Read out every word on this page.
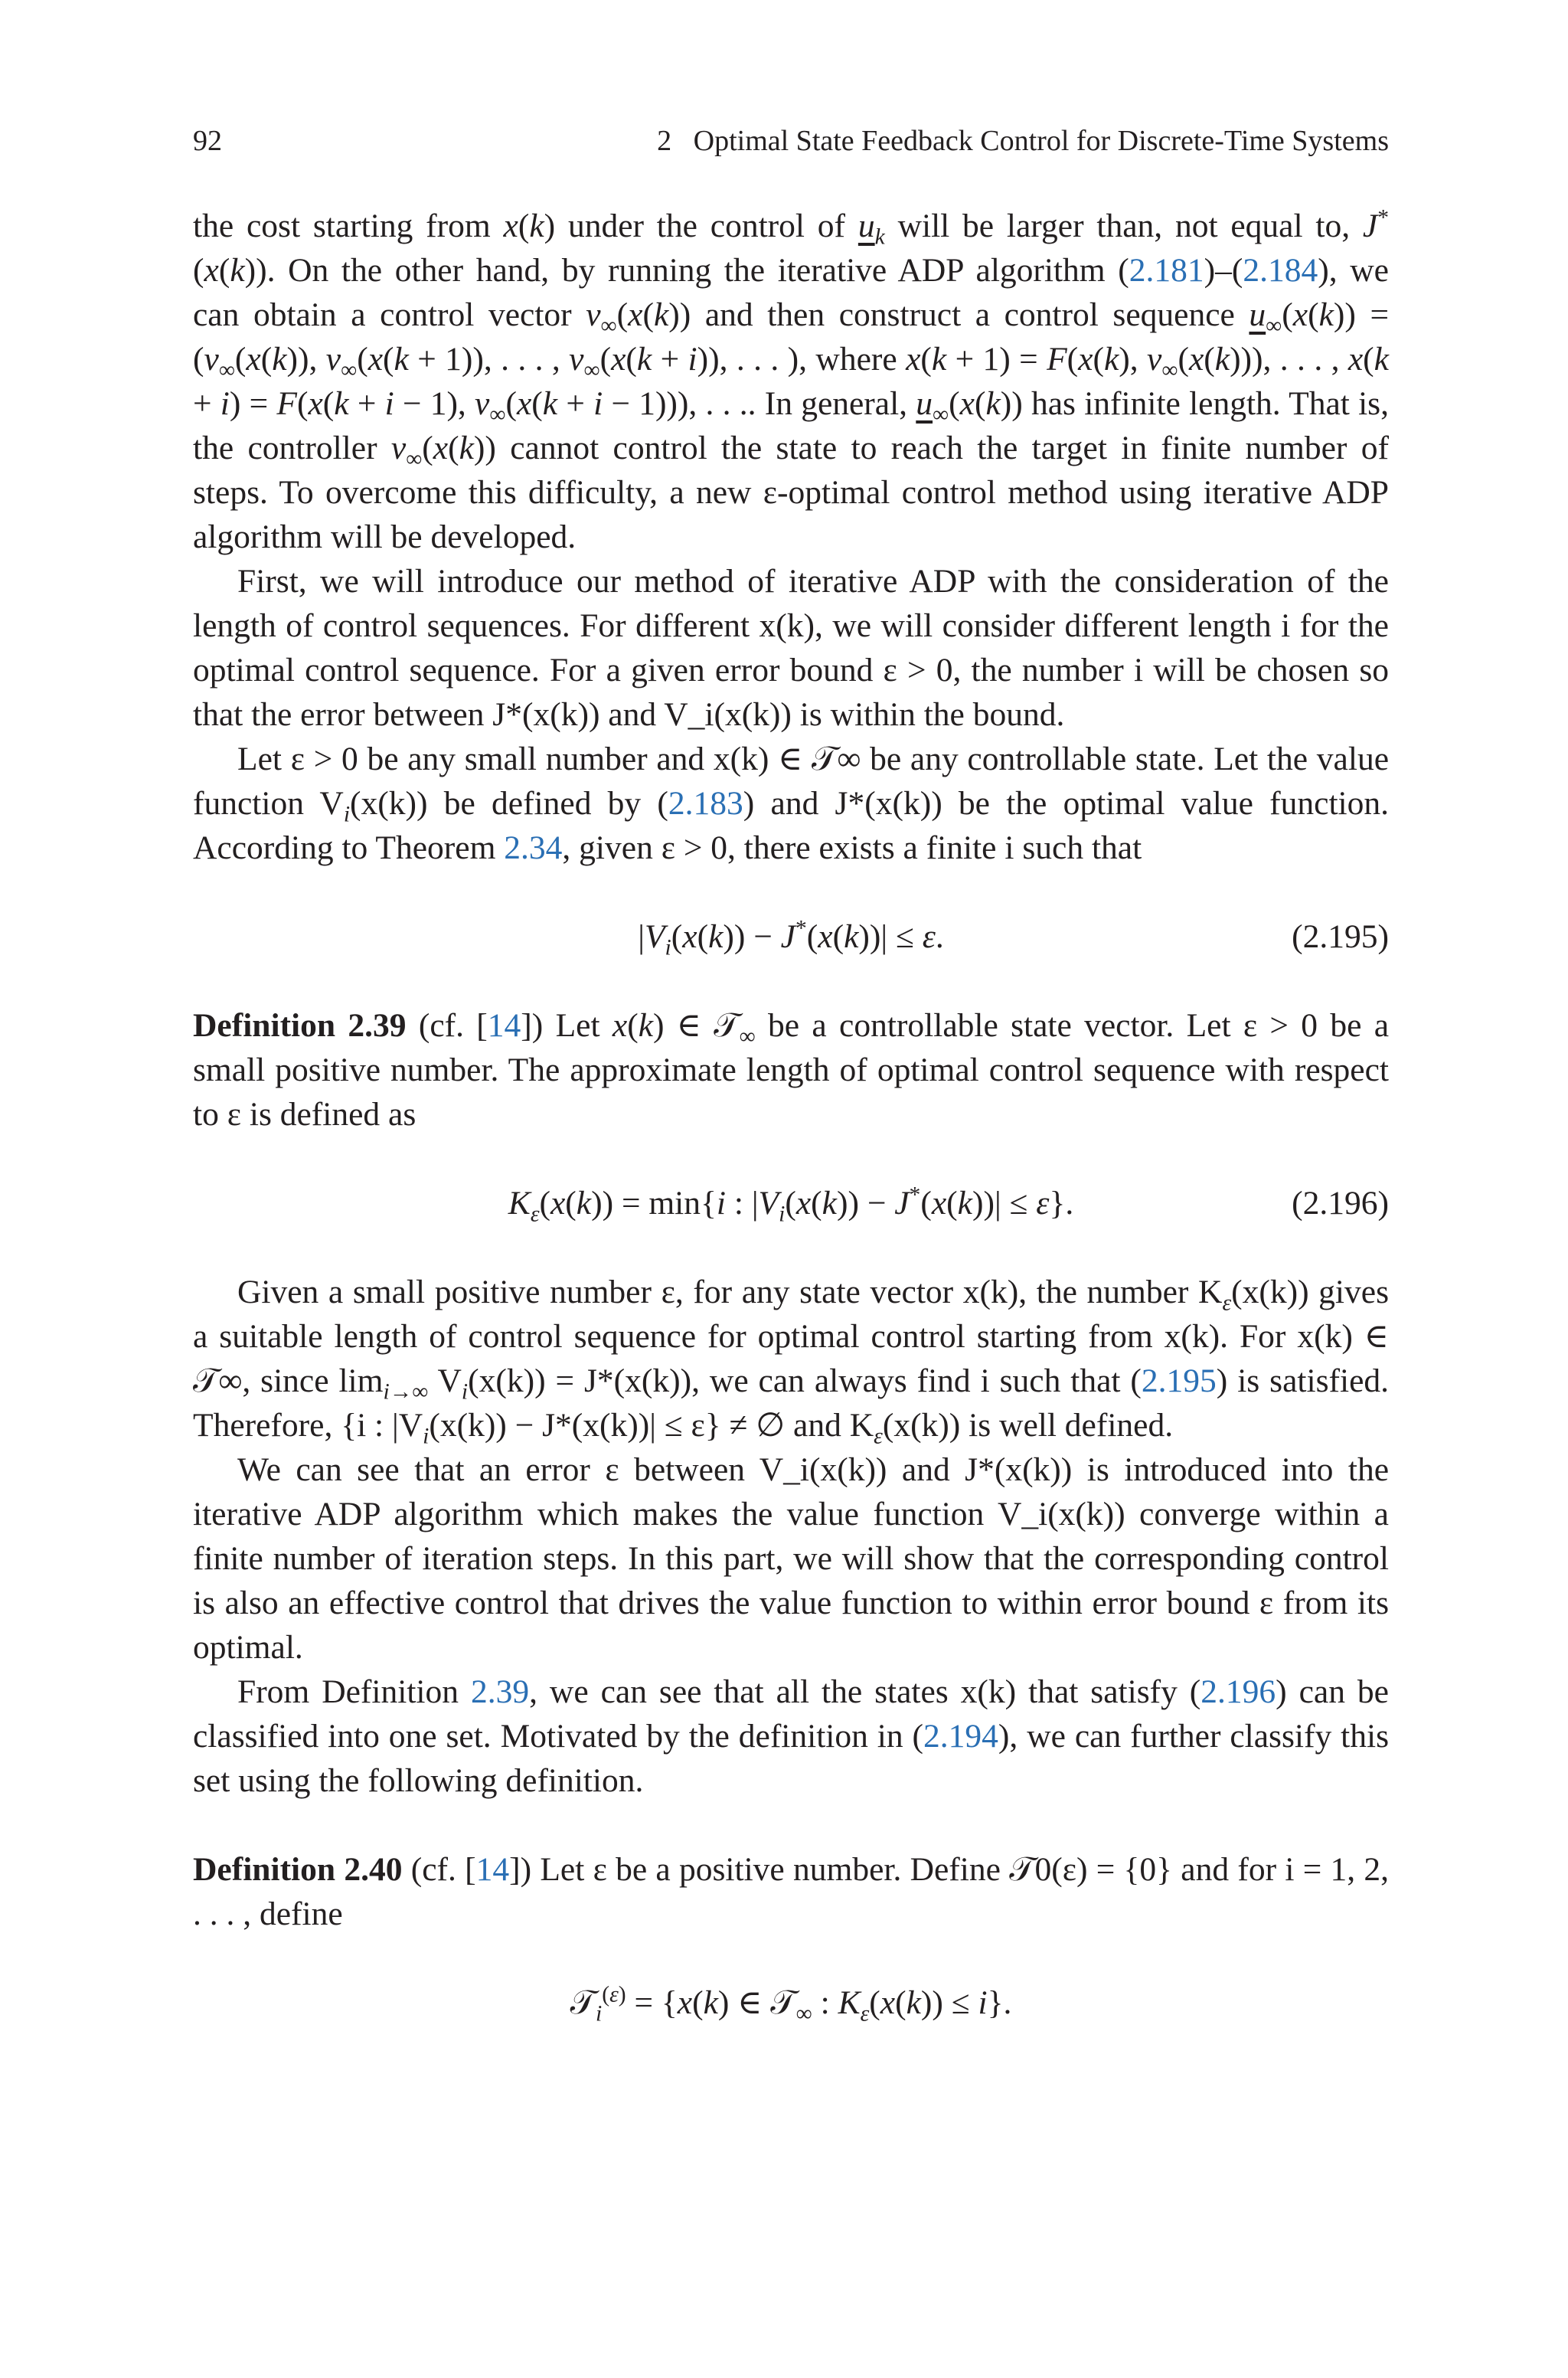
92	2   Optimal State Feedback Control for Discrete-Time Systems

the cost starting from x(k) under the control of $u_k$ will be larger than, not equal to, J*(x(k)). On the other hand, by running the iterative ADP algorithm (2.181)–(2.184), we can obtain a control vector $v_\infty(x(k))$ and then construct a control sequence $u_\infty(x(k)) = (v_\infty(x(k))$, $v_\infty(x(k + 1))$, . . . , $v_\infty(x(k + i))$, . . . ), where x(k + 1) = F(x(k), $v_\infty(x(k))$), . . . , x(k + i) = F(x(k + i − 1), $v_\infty(x(k + i - 1))$), . . .. In general, $u_\infty(x(k))$ has infinite length. That is, the controller $v_\infty(x(k))$ cannot control the state to reach the target in finite number of steps. To overcome this difficulty, a new ε-optimal control method using iterative ADP algorithm will be developed.

First, we will introduce our method of iterative ADP with the consideration of the length of control sequences. For different x(k), we will consider different length i for the optimal control sequence. For a given error bound ε > 0, the number i will be chosen so that the error between J*(x(k)) and V_i(x(k)) is within the bound.

Let ε > 0 be any small number and x(k) ∈ 𝒯∞ be any controllable state. Let the value function $V_i(x(k))$ be defined by (2.183) and J*(x(k)) be the optimal value function. According to Theorem 2.34, given ε > 0, there exists a finite i such that

$|V_i(x(k)) - J^*(x(k))| \le \varepsilon$.	(2.195)

Definition 2.39 (cf. [14]) Let x(k) ∈ 𝒯$_\infty$ be a controllable state vector. Let ε > 0 be a small positive number. The approximate length of optimal control sequence with respect to ε is defined as

$K_\varepsilon(x(k)) = \min\{i$ : $|V_i(x(k)) - J^*(x(k))| \le \varepsilon$}.	(2.196)

Given a small positive number ε, for any state vector x(k), the number $K_\varepsilon(x(k))$ gives a suitable length of control sequence for optimal control starting from x(k). For x(k) ∈ 𝒯∞, since $\lim_{i\to\infty} V_i(x(k)) = J*(x(k))$, we can always find i such that (2.195) is satisfied. Therefore, {i : $|V_i(x(k)) - J*(x(k))| \le \varepsilon$} ≠ ∅ and $K_\varepsilon(x(k))$ is well defined.

We can see that an error ε between V_i(x(k)) and J*(x(k)) is introduced into the iterative ADP algorithm which makes the value function V_i(x(k)) converge within a finite number of iteration steps. In this part, we will show that the corresponding control is also an effective control that drives the value function to within error bound ε from its optimal.

From Definition 2.39, we can see that all the states x(k) that satisfy (2.196) can be classified into one set. Motivated by the definition in (2.194), we can further classify this set using the following definition.

Definition 2.40 (cf. [14]) Let ε be a positive number. Define 𝒯0(ε) = {0} and for i = 1, 2, . . . , define

𝒯$_i^{(\varepsilon)}$ = {x(k) ∈ 𝒯$_\infty$ : $K_\varepsilon(x(k)) \le i$}.
